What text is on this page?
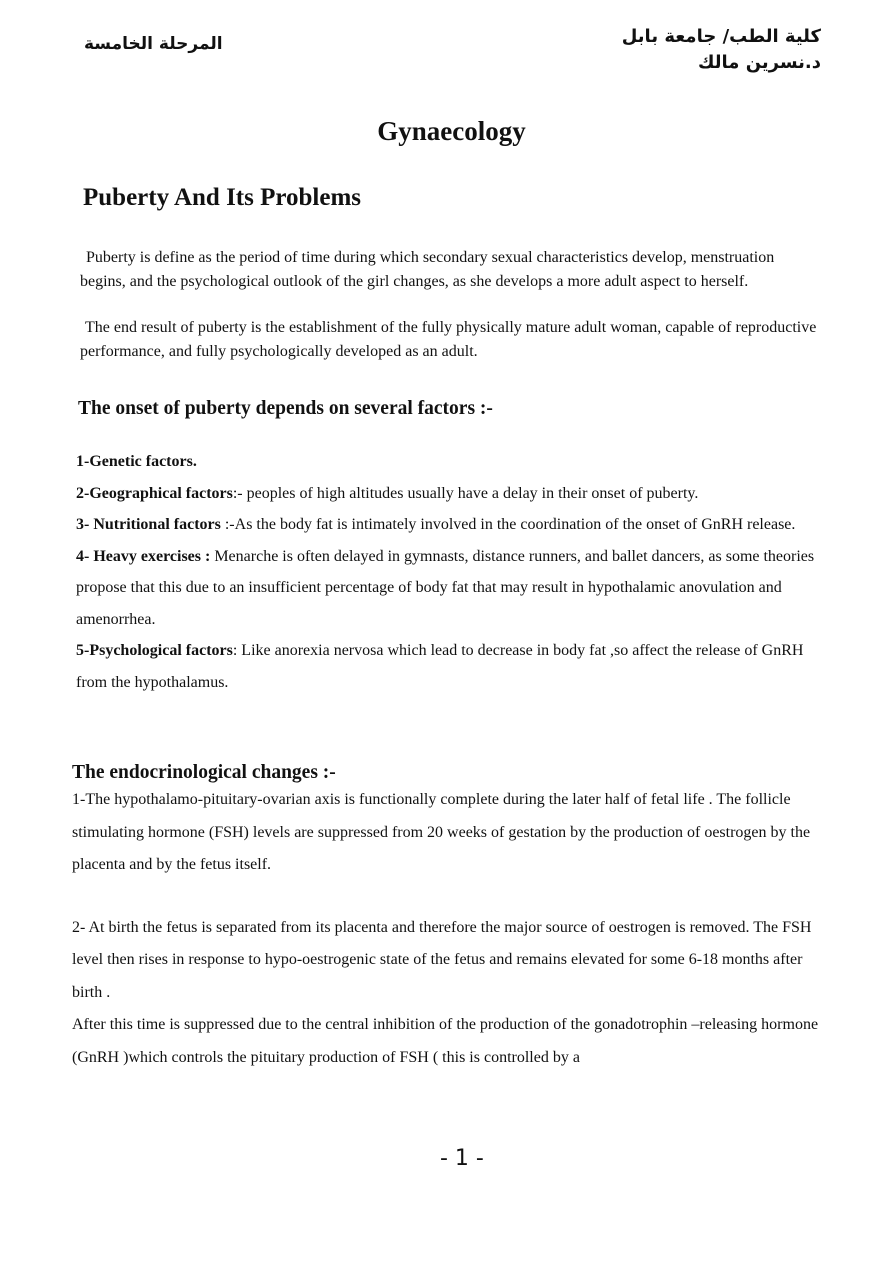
المرحلة الخامسة	كلية الطب/ جامعة بابل
د.نسرين مالك
Gynaecology
Puberty And Its Problems
Puberty is define as the period of time during which secondary sexual characteristics develop, menstruation begins, and the psychological outlook of the girl changes, as she develops a more adult aspect to herself.
The end result of puberty is the establishment of the fully physically mature adult woman, capable of reproductive performance, and fully psychologically developed as an adult.
The onset of puberty depends on several factors :-
1-Genetic factors.
2-Geographical factors:- peoples of high altitudes usually have a delay in their onset of puberty.
3- Nutritional factors :-As the body fat is intimately involved in the coordination of the onset of GnRH release.
4- Heavy exercises : Menarche is often delayed in gymnasts, distance runners, and ballet dancers, as some theories propose that this due to an insufficient percentage of body fat that may result in hypothalamic anovulation and amenorrhea.
5-Psychological factors: Like anorexia nervosa which lead to decrease in body fat ,so affect the release of GnRH from the hypothalamus.
The endocrinological changes :-
1-The hypothalamo-pituitary-ovarian axis is functionally complete during the later half of fetal life . The follicle stimulating hormone (FSH) levels are suppressed from 20 weeks of gestation by the production of oestrogen by the placenta and by the fetus itself.
2- At birth the fetus is separated from its placenta and therefore the major source of oestrogen is removed. The FSH level then rises in response to hypo-oestrogenic state of the fetus and remains elevated for some 6-18 months after birth .
After this time is suppressed due to the central inhibition of the production of the gonadotrophin –releasing hormone (GnRH )which controls the pituitary production of FSH ( this is controlled by a
- 1 -
